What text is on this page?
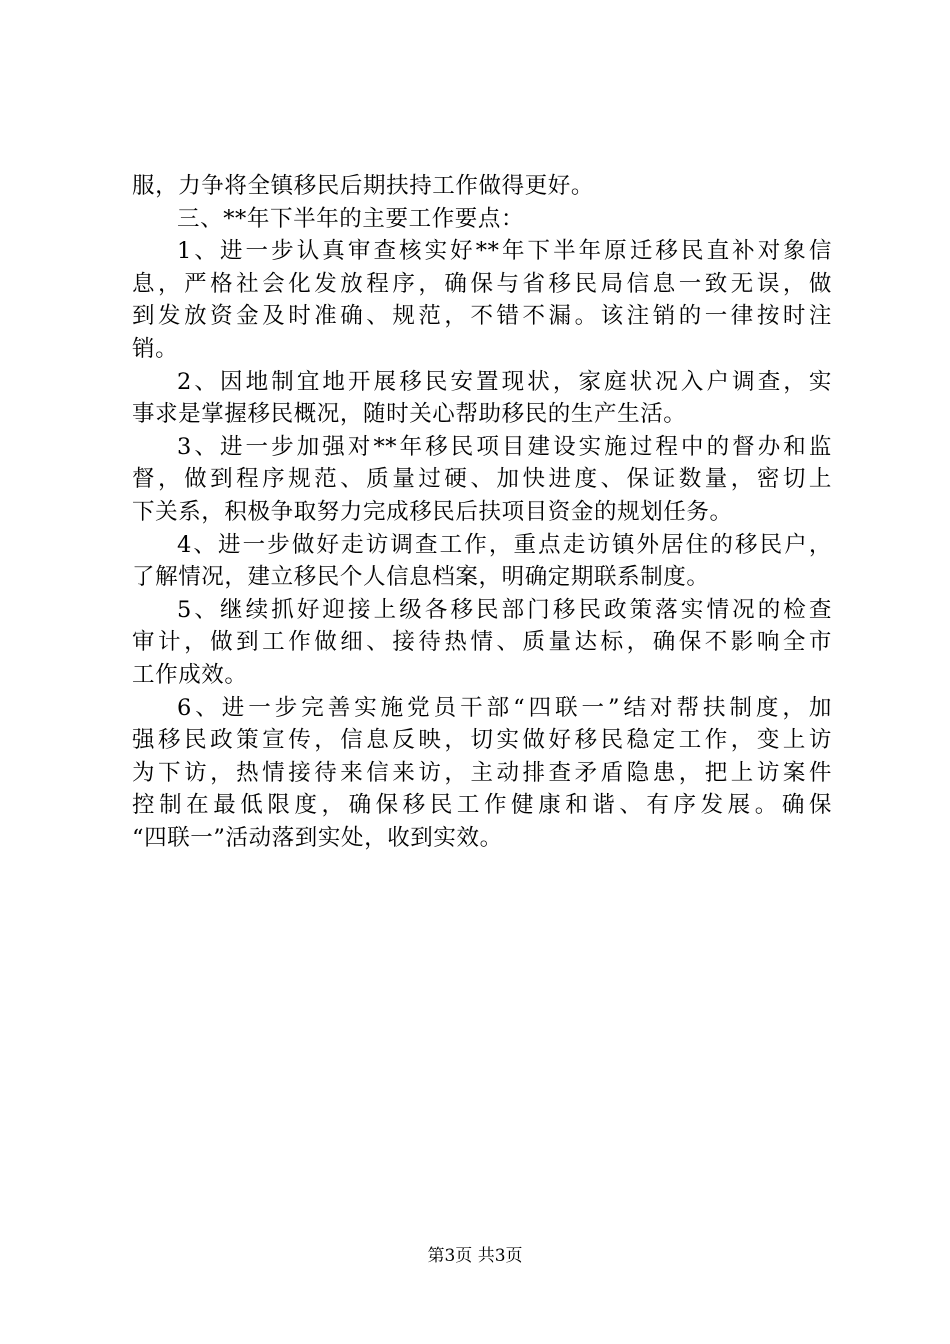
服，力争将全镇移民后期扶持工作做得更好。
三、**年下半年的主要工作要点：
1、进一步认真审查核实好**年下半年原迁移民直补对象信
息，严格社会化发放程序，确保与省移民局信息一致无误，做
到发放资金及时准确、规范，不错不漏。该注销的一律按时注
销。
2、因地制宜地开展移民安置现状，家庭状况入户调查，实
事求是掌握移民概况，随时关心帮助移民的生产生活。
3、进一步加强对**年移民项目建设实施过程中的督办和监
督，做到程序规范、质量过硬、加快进度、保证数量，密切上
下关系，积极争取努力完成移民后扶项目资金的规划任务。
4、进一步做好走访调查工作，重点走访镇外居住的移民户，
了解情况，建立移民个人信息档案，明确定期联系制度。
5、继续抓好迎接上级各移民部门移民政策落实情况的检查
审计，做到工作做细、接待热情、质量达标，确保不影响全市
工作成效。
6、进一步完善实施党员干部“四联一”结对帮扶制度，加
强移民政策宣传，信息反映，切实做好移民稳定工作，变上访
为下访，热情接待来信来访，主动排查矛盾隐患，把上访案件
控制在最低限度，确保移民工作健康和谐、有序发展。确保
“四联一”活动落到实处，收到实效。
第3页 共3页
